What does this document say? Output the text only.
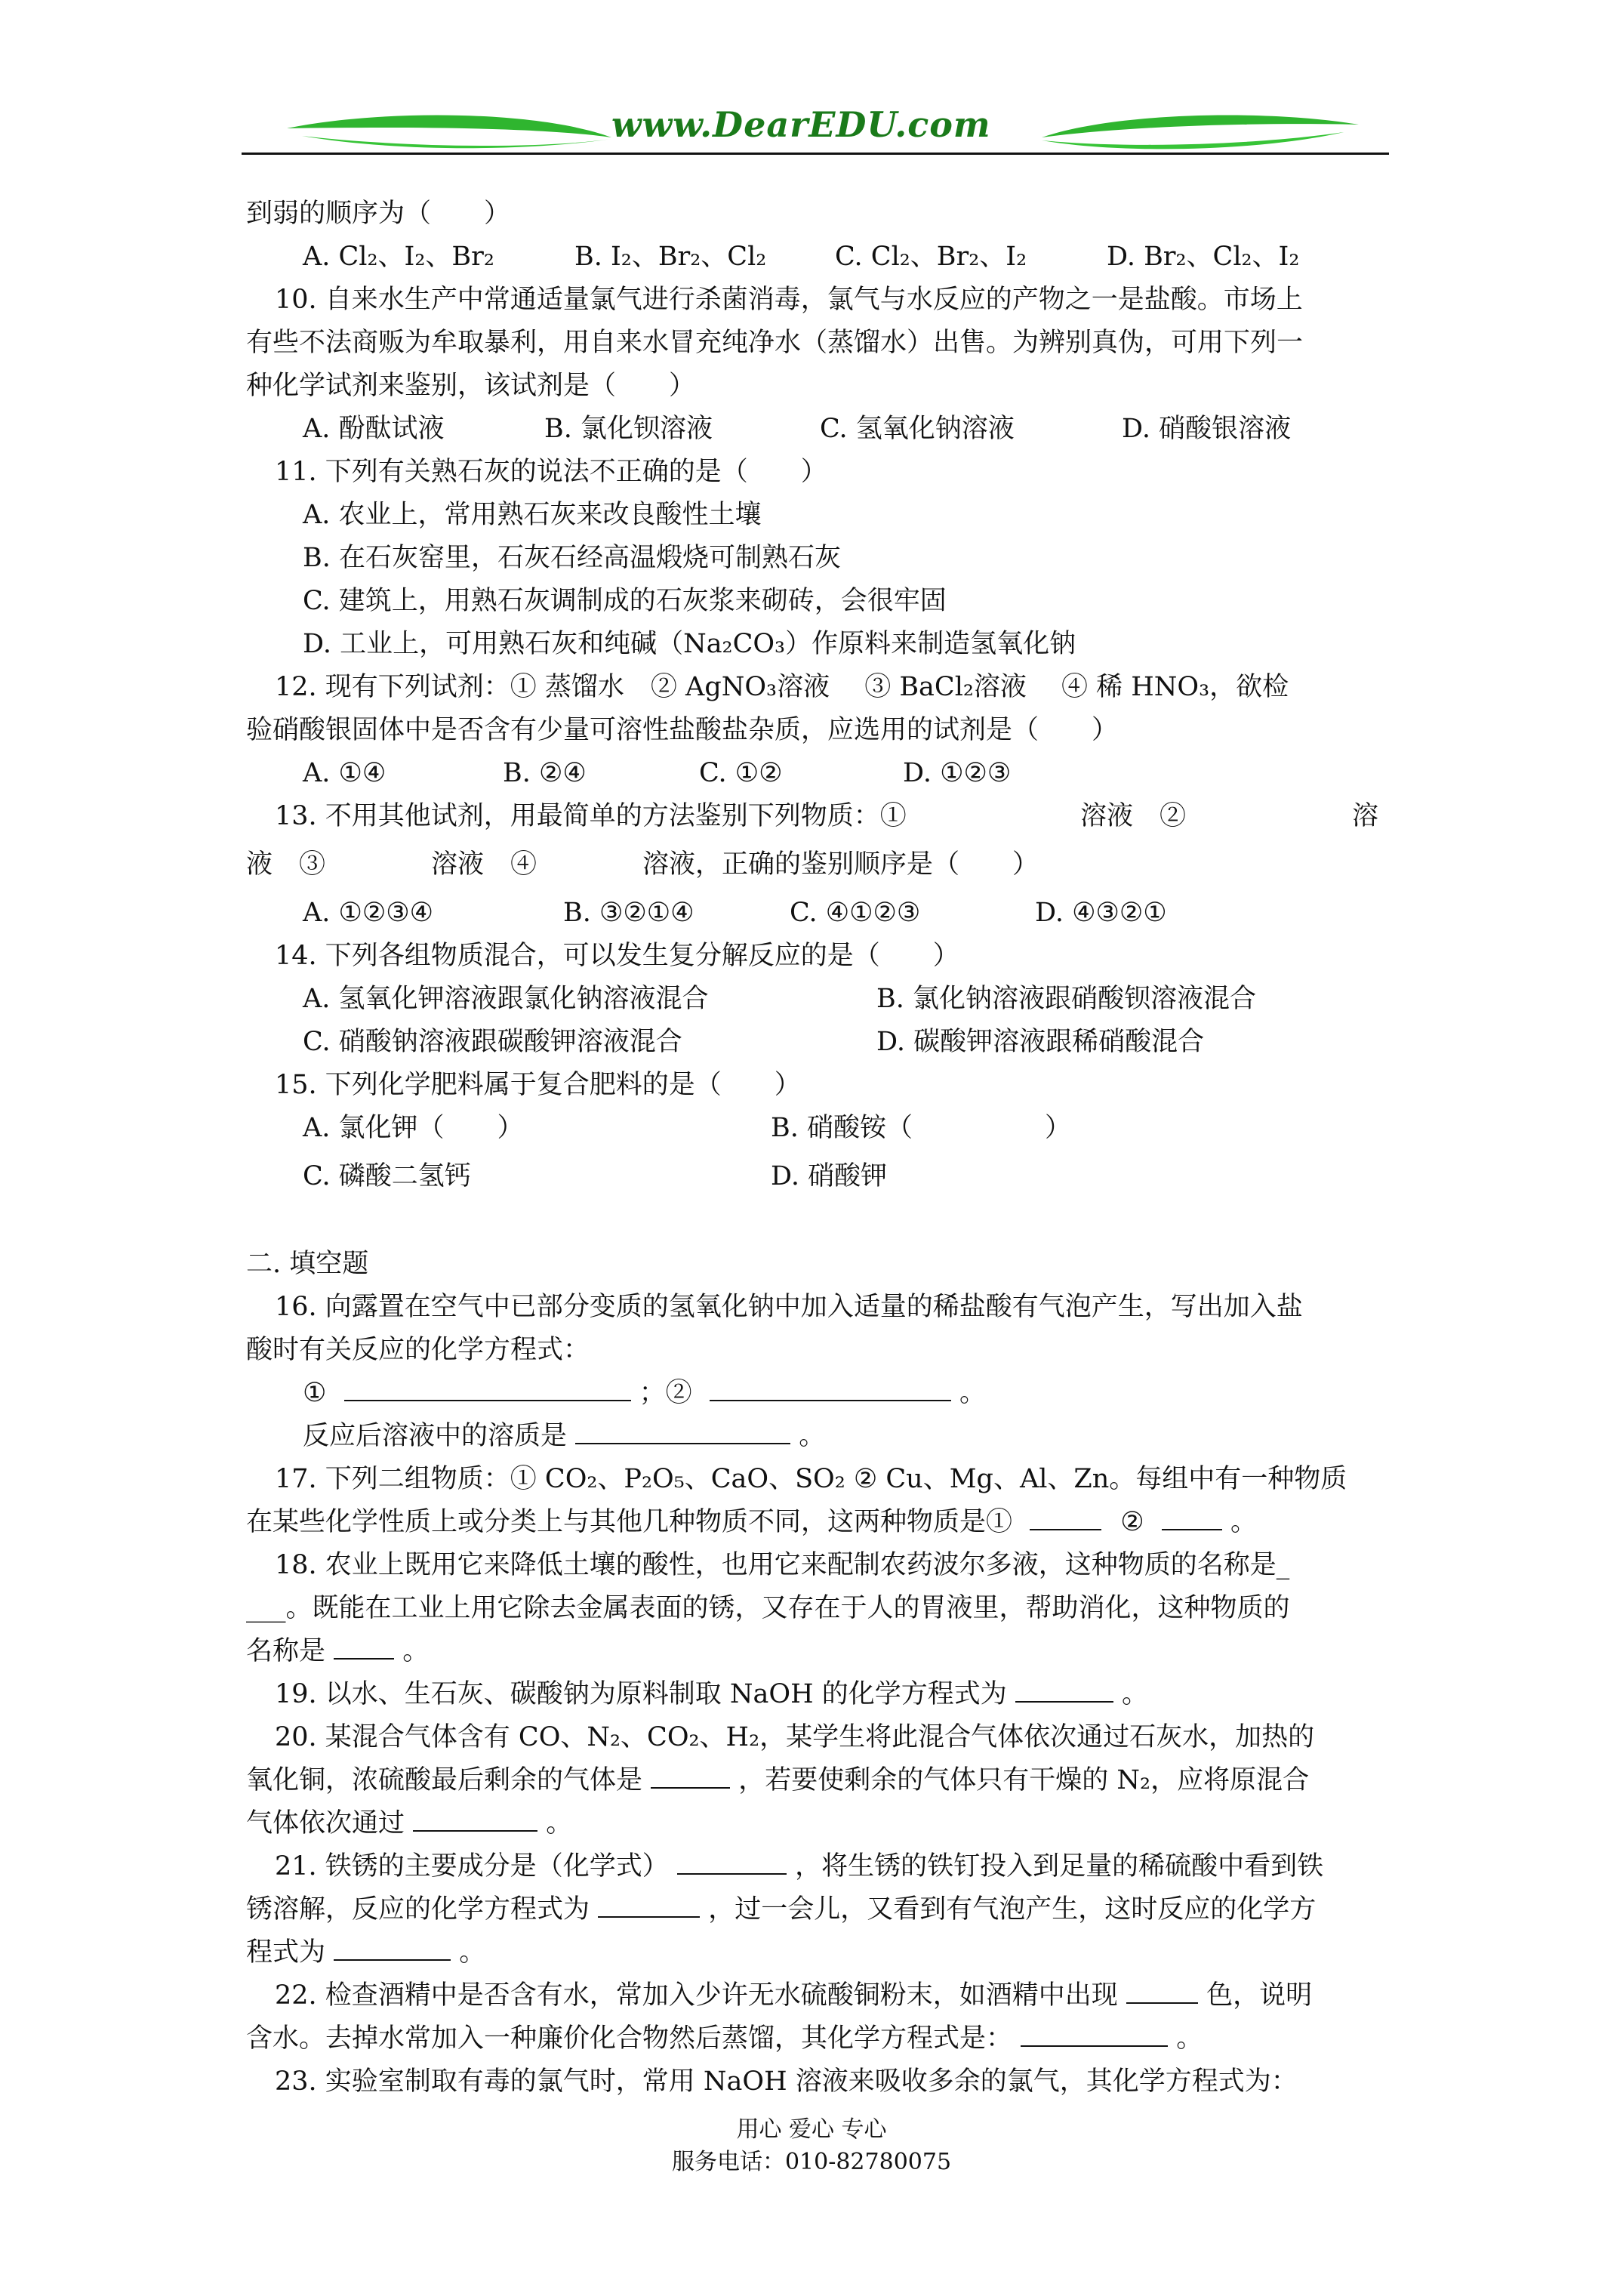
www.DearEDU.com
到弱的顺序为（　　）
A. Cl₂、I₂、Br₂	B. I₂、Br₂、Cl₂	C. Cl₂、Br₂、I₂	D. Br₂、Cl₂、I₂
10. 自来水生产中常通适量氯气进行杀菌消毒，氯气与水反应的产物之一是盐酸。市场上
有些不法商贩为牟取暴利，用自来水冒充纯净水（蒸馏水）出售。为辨别真伪，可用下列一
种化学试剂来鉴别，该试剂是（　　）
A. 酚酞试液	B. 氯化钡溶液	C. 氢氧化钠溶液	D. 硝酸银溶液
11. 下列有关熟石灰的说法不正确的是（　　）
A. 农业上，常用熟石灰来改良酸性土壤
B. 在石灰窑里，石灰石经高温煅烧可制熟石灰
C. 建筑上，用熟石灰调制成的石灰浆来砌砖，会很牢固
D. 工业上，可用熟石灰和纯碱（Na₂CO₃）作原料来制造氢氧化钠
12. 现有下列试剂：① 蒸馏水　② AgNO₃溶液　 ③ BaCl₂溶液　 ④ 稀 HNO₃，欲检
验硝酸银固体中是否含有少量可溶性盐酸盐杂质，应选用的试剂是（　　）
A. ①④	B. ②④	C. ①②	D. ①②③
13. 不用其他试剂，用最简单的方法鉴别下列物质：①	溶液　②	溶
液　③　　　　溶液　④　　　　溶液，正确的鉴别顺序是（　　）
A. ①②③④	B. ③②①④	C. ④①②③	D. ④③②①
14. 下列各组物质混合，可以发生复分解反应的是（　　）
A. 氢氧化钾溶液跟氯化钠溶液混合	B. 氯化钠溶液跟硝酸钡溶液混合
C. 硝酸钠溶液跟碳酸钾溶液混合	D. 碳酸钾溶液跟稀硝酸混合
15. 下列化学肥料属于复合肥料的是（　　）
A. 氯化钾（　　）	B. 硝酸铵（　　　　　）
C. 磷酸二氢钙	D. 硝酸钾
二. 填空题
16. 向露置在空气中已部分变质的氢氧化钠中加入适量的稀盐酸有气泡产生，写出加入盐
酸时有关反应的化学方程式：
①	；②	。
反应后溶液中的溶质是	。
17. 下列二组物质：① CO₂、P₂O₅、CaO、SO₂ ② Cu、Mg、Al、Zn。每组中有一种物质
在某些化学性质上或分类上与其他几种物质不同，这两种物质是①	②	。
18. 农业上既用它来降低土壤的酸性，也用它来配制农药波尔多液，这种物质的名称是_
___。既能在工业上用它除去金属表面的锈，又存在于人的胃液里，帮助消化，这种物质的
名称是	。
19. 以水、生石灰、碳酸钠为原料制取 NaOH 的化学方程式为	。
20. 某混合气体含有 CO、N₂、CO₂、H₂，某学生将此混合气体依次通过石灰水，加热的
氧化铜，浓硫酸最后剩余的气体是	，若要使剩余的气体只有干燥的 N₂，应将原混合
气体依次通过	。
21. 铁锈的主要成分是（化学式）	，将生锈的铁钉投入到足量的稀硫酸中看到铁
锈溶解，反应的化学方程式为	，过一会儿，又看到有气泡产生，这时反应的化学方
程式为	。
22. 检查酒精中是否含有水，常加入少许无水硫酸铜粉末，如酒精中出现	色，说明
含水。去掉水常加入一种廉价化合物然后蒸馏，其化学方程式是：	。
23. 实验室制取有毒的氯气时，常用 NaOH 溶液来吸收多余的氯气，其化学方程式为：
用心 爱心 专心
服务电话：010-82780075
